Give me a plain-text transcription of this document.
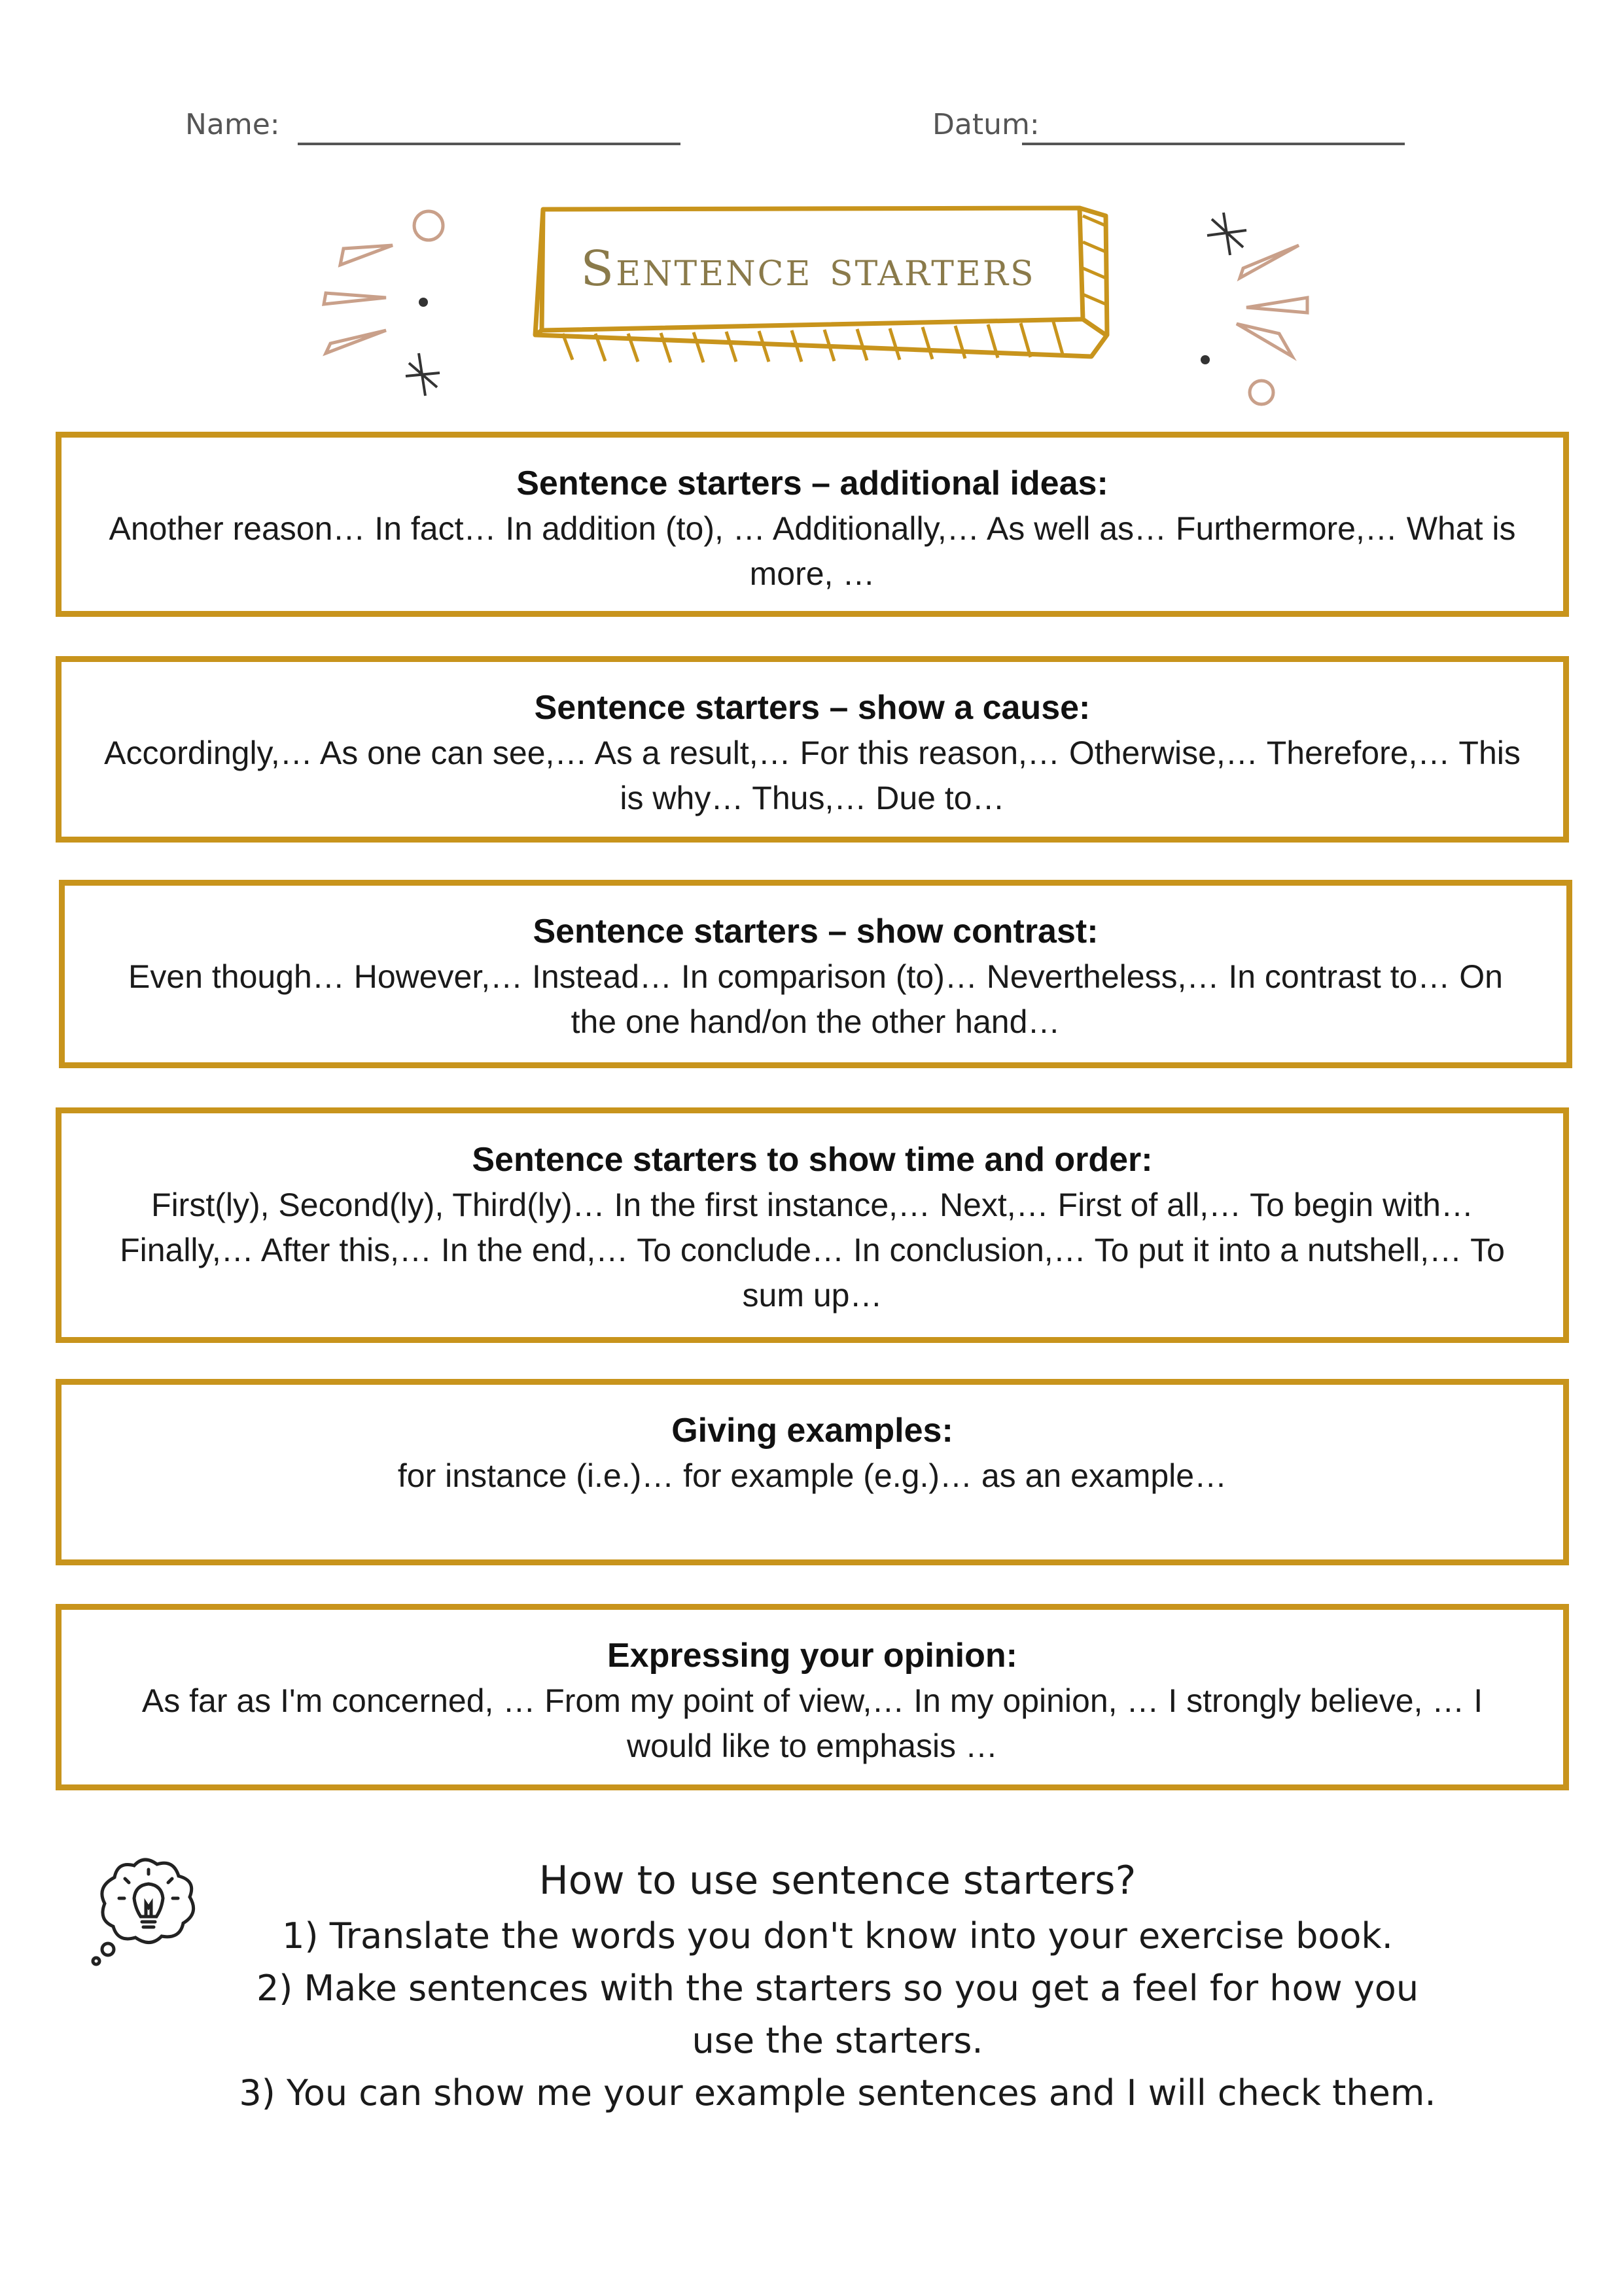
Name:	Datum:
Sentence starters

Sentence starters – additional ideas:

Another reason… In fact… In addition (to), … Additionally,… As well as… Furthermore,… What is more, …

Sentence starters – show a cause:

Accordingly,… As one can see,… As a result,… For this reason,… Otherwise,… Therefore,… This is why… Thus,… Due to…

Sentence starters – show contrast:

Even though… However,… Instead… In comparison (to)… Nevertheless,… In contrast to… On the one hand/on the other hand…

Sentence starters to show time and order:

First(ly), Second(ly), Third(ly)… In the first instance,… Next,… First of all,… To begin with… Finally,… After this,… In the end,… To conclude… In conclusion,… To put it into a nutshell,… To sum up…

Giving examples:

for instance (i.e.)… for example (e.g.)… as an example…

Expressing your opinion:

As far as I'm concerned, … From my point of view,… In my opinion, … I strongly believe, … I would like to emphasis …

How to use sentence starters?

1) Translate the words you don't know into your exercise book.

2) Make sentences with the starters so you get a feel for how you use the starters.

3) You can show me your example sentences and I will check them.
